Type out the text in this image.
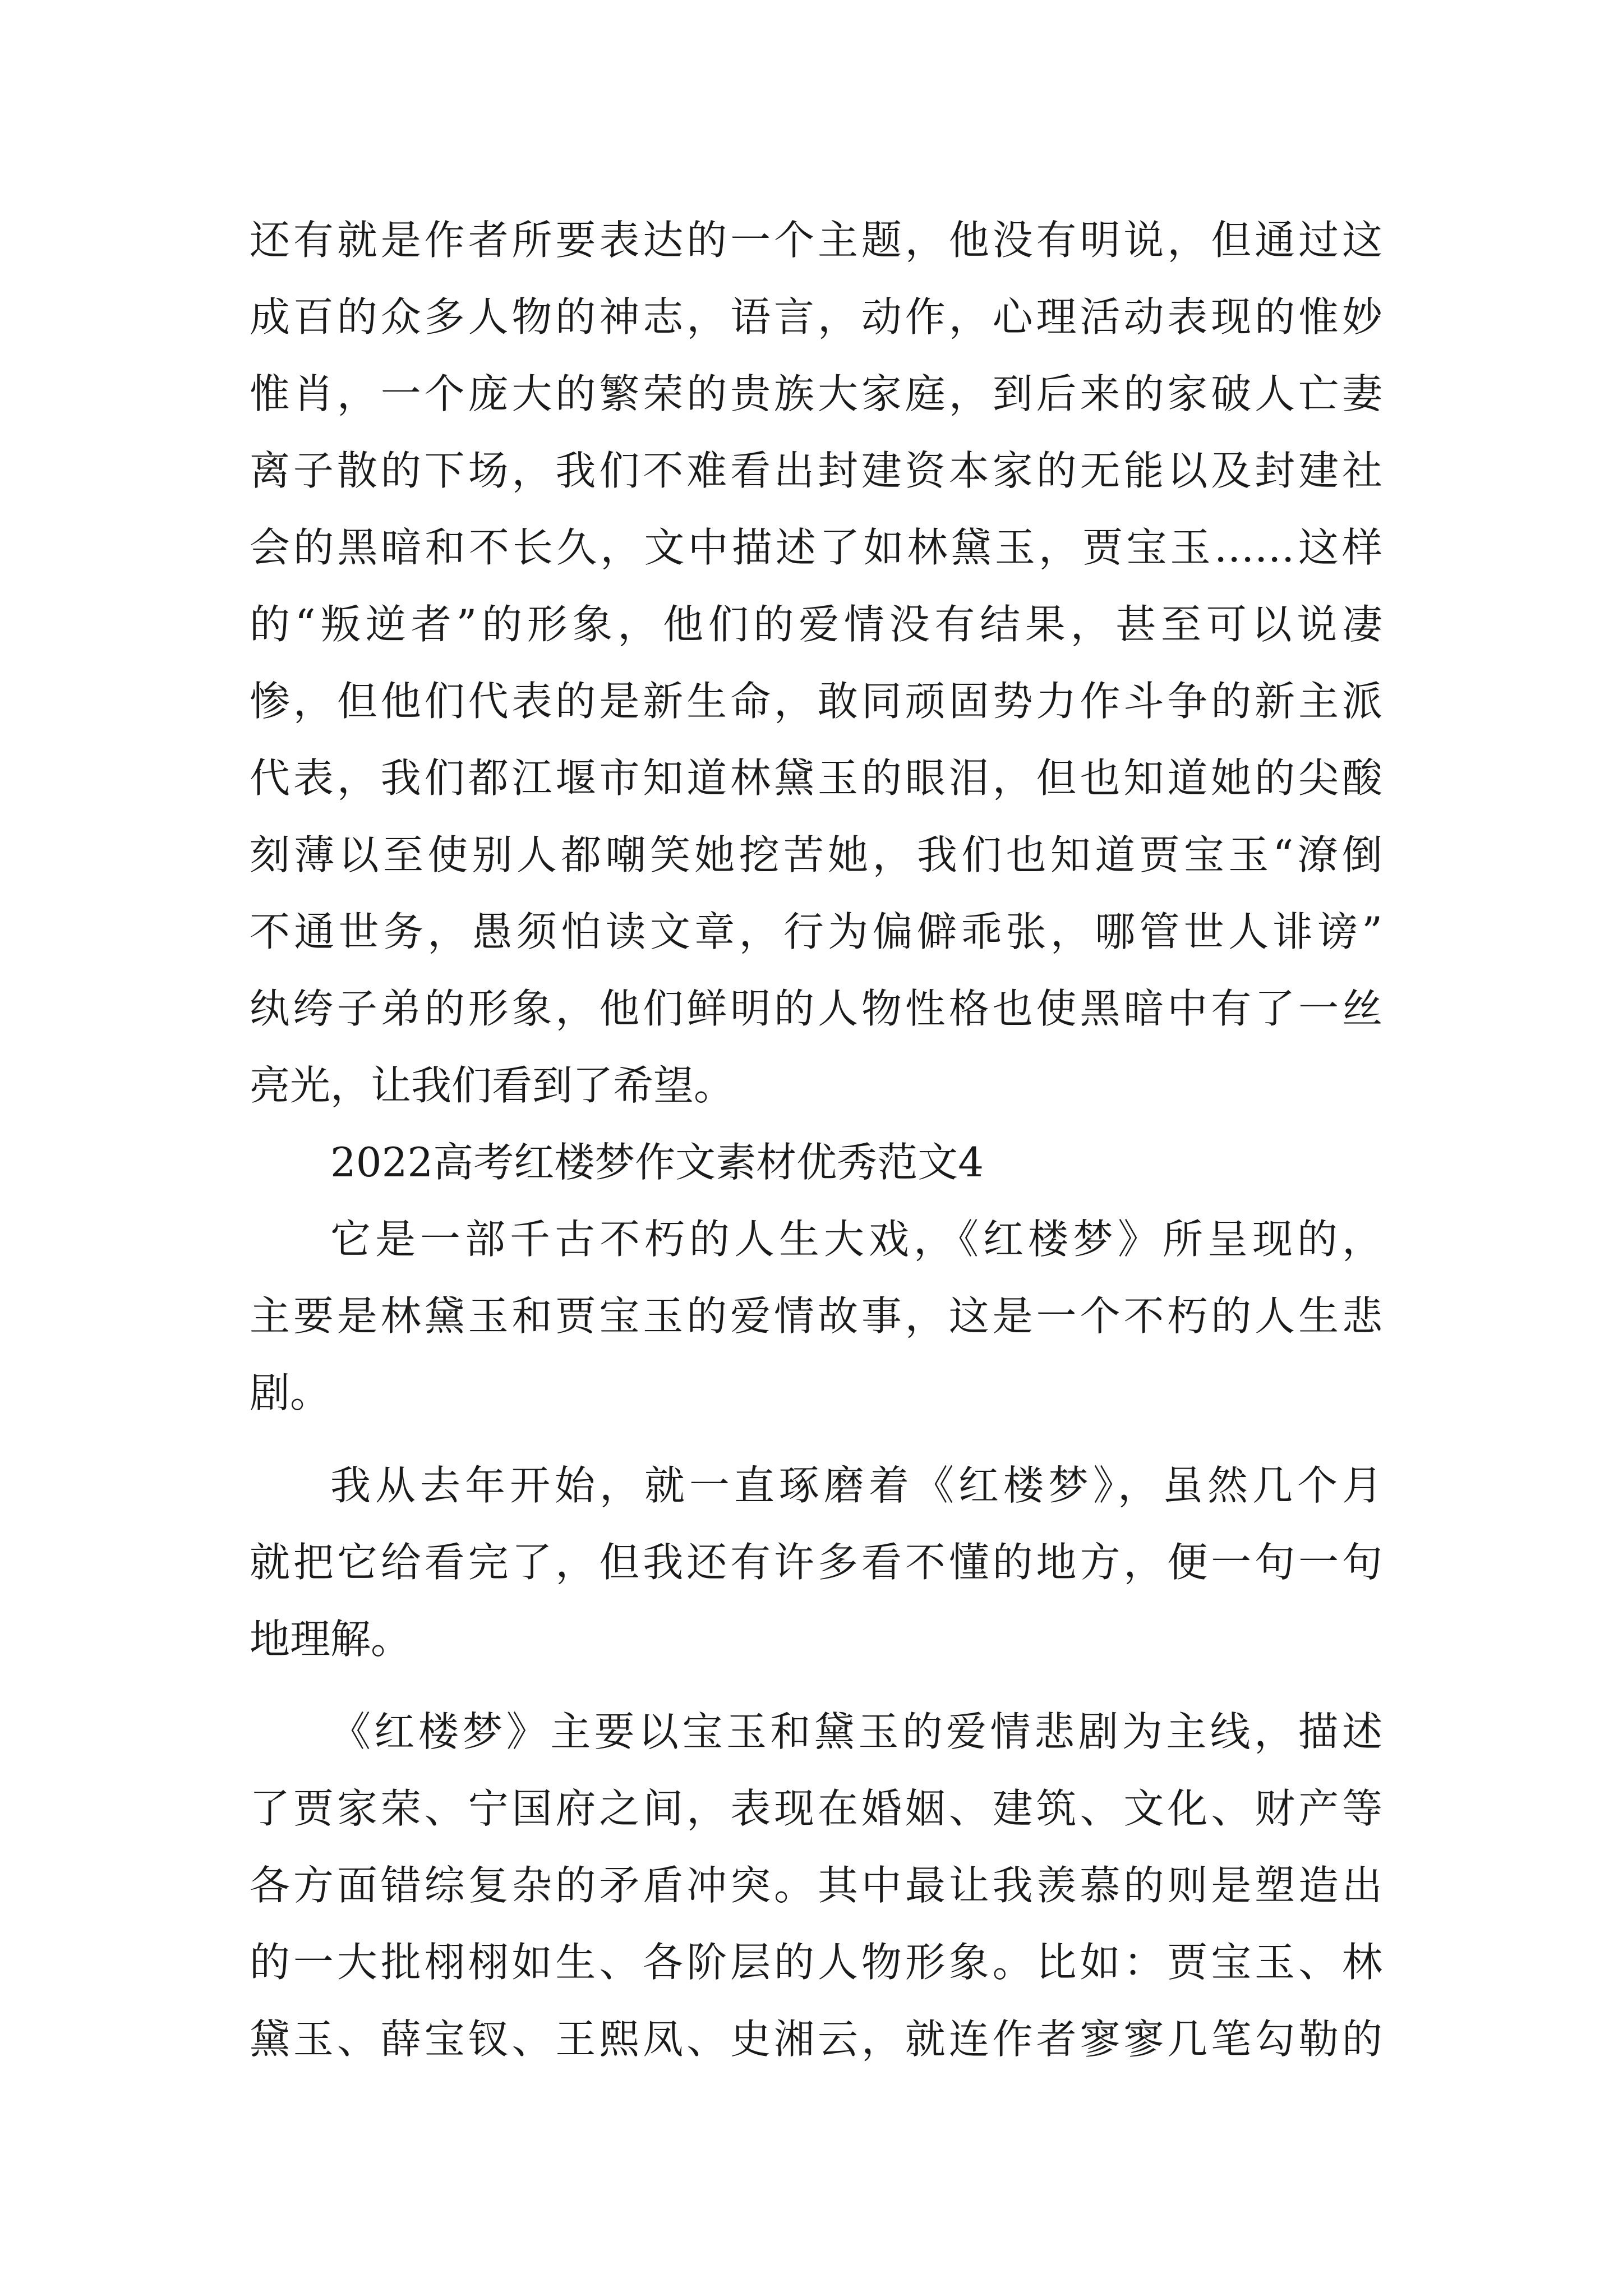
还有就是作者所要表达的一个主题，他没有明说，但通过这
成百的众多人物的神志，语言，动作，心理活动表现的惟妙
惟肖，一个庞大的繁荣的贵族大家庭，到后来的家破人亡妻
离子散的下场，我们不难看出封建资本家的无能以及封建社
会的黑暗和不长久，文中描述了如林黛玉，贾宝玉……这样
的“叛逆者”的形象，他们的爱情没有结果，甚至可以说凄
惨，但他们代表的是新生命，敢同顽固势力作斗争的新主派
代表，我们都江堰市知道林黛玉的眼泪，但也知道她的尖酸
刻薄以至使别人都嘲笑她挖苦她，我们也知道贾宝玉“潦倒
不通世务，愚须怕读文章，行为偏僻乖张，哪管世人诽谤”
纨绔子弟的形象，他们鲜明的人物性格也使黑暗中有了一丝
亮光，让我们看到了希望。
2022高考红楼梦作文素材优秀范文4
它是一部千古不朽的人生大戏，《红楼梦》所呈现的，
主要是林黛玉和贾宝玉的爱情故事，这是一个不朽的人生悲
剧。
我从去年开始，就一直琢磨着《红楼梦》，虽然几个月
就把它给看完了，但我还有许多看不懂的地方，便一句一句
地理解。
《红楼梦》主要以宝玉和黛玉的爱情悲剧为主线，描述
了贾家荣、宁国府之间，表现在婚姻、建筑、文化、财产等
各方面错综复杂的矛盾冲突。其中最让我羡慕的则是塑造出
的一大批栩栩如生、各阶层的人物形象。比如：贾宝玉、林
黛玉、薛宝钗、王熙凤、史湘云，就连作者寥寥几笔勾勒的
